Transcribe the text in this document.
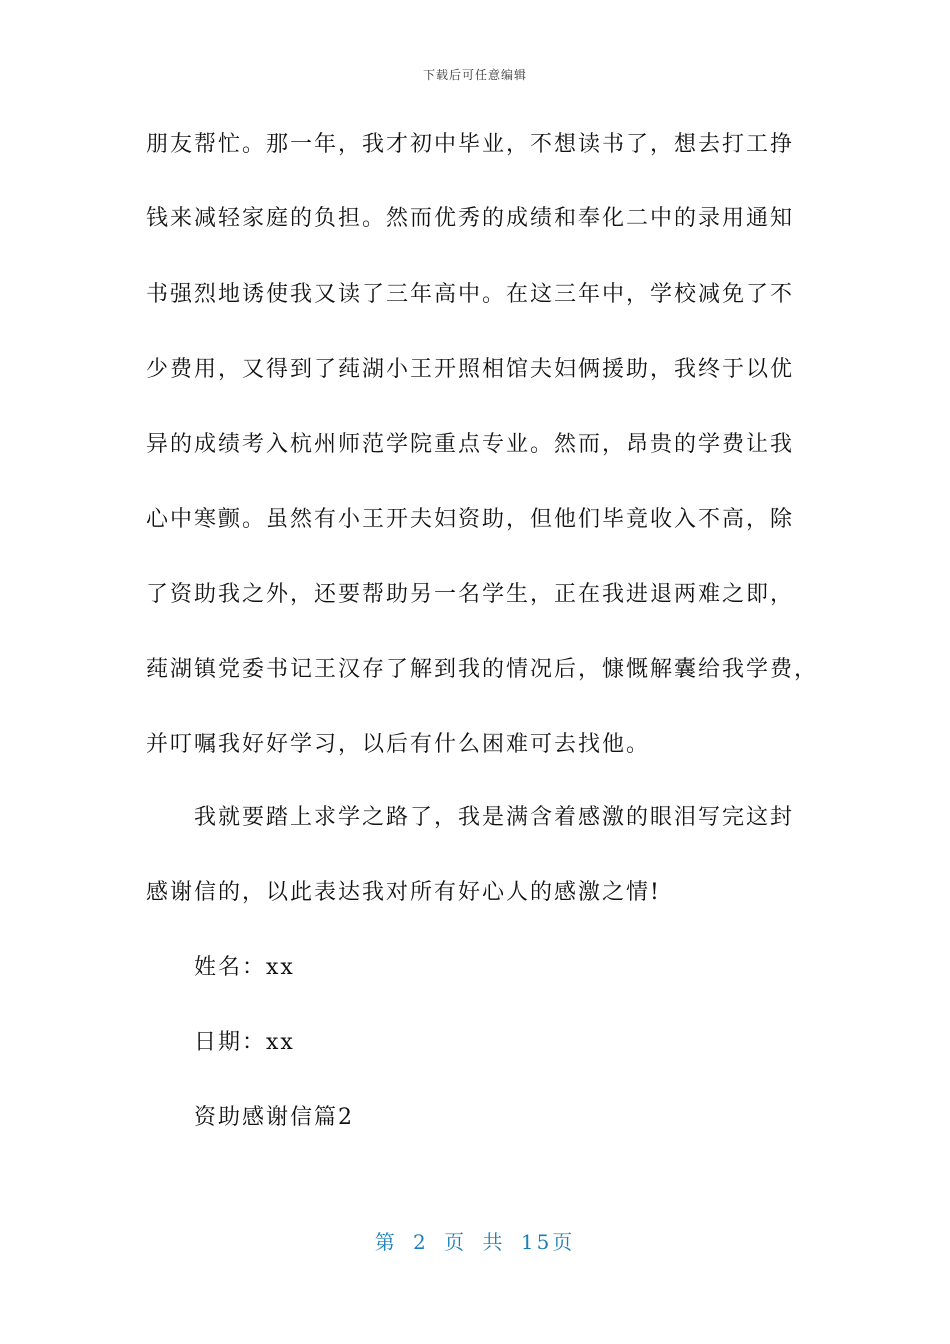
下载后可任意编辑
朋友帮忙。那一年，我才初中毕业，不想读书了，想去打工挣
钱来减轻家庭的负担。然而优秀的成绩和奉化二中的录用通知
书强烈地诱使我又读了三年高中。在这三年中，学校减免了不
少费用，又得到了莼湖小王开照相馆夫妇俩援助，我终于以优
异的成绩考入杭州师范学院重点专业。然而，昂贵的学费让我
心中寒颤。虽然有小王开夫妇资助，但他们毕竟收入不高，除
了资助我之外，还要帮助另一名学生，正在我进退两难之即，
莼湖镇党委书记王汉存了解到我的情况后，慷慨解囊给我学费，
并叮嘱我好好学习，以后有什么困难可去找他。
我就要踏上求学之路了，我是满含着感激的眼泪写完这封
感谢信的，以此表达我对所有好心人的感激之情!
姓名：xx
日期：xx
资助感谢信篇2
第 2 页 共 15页
